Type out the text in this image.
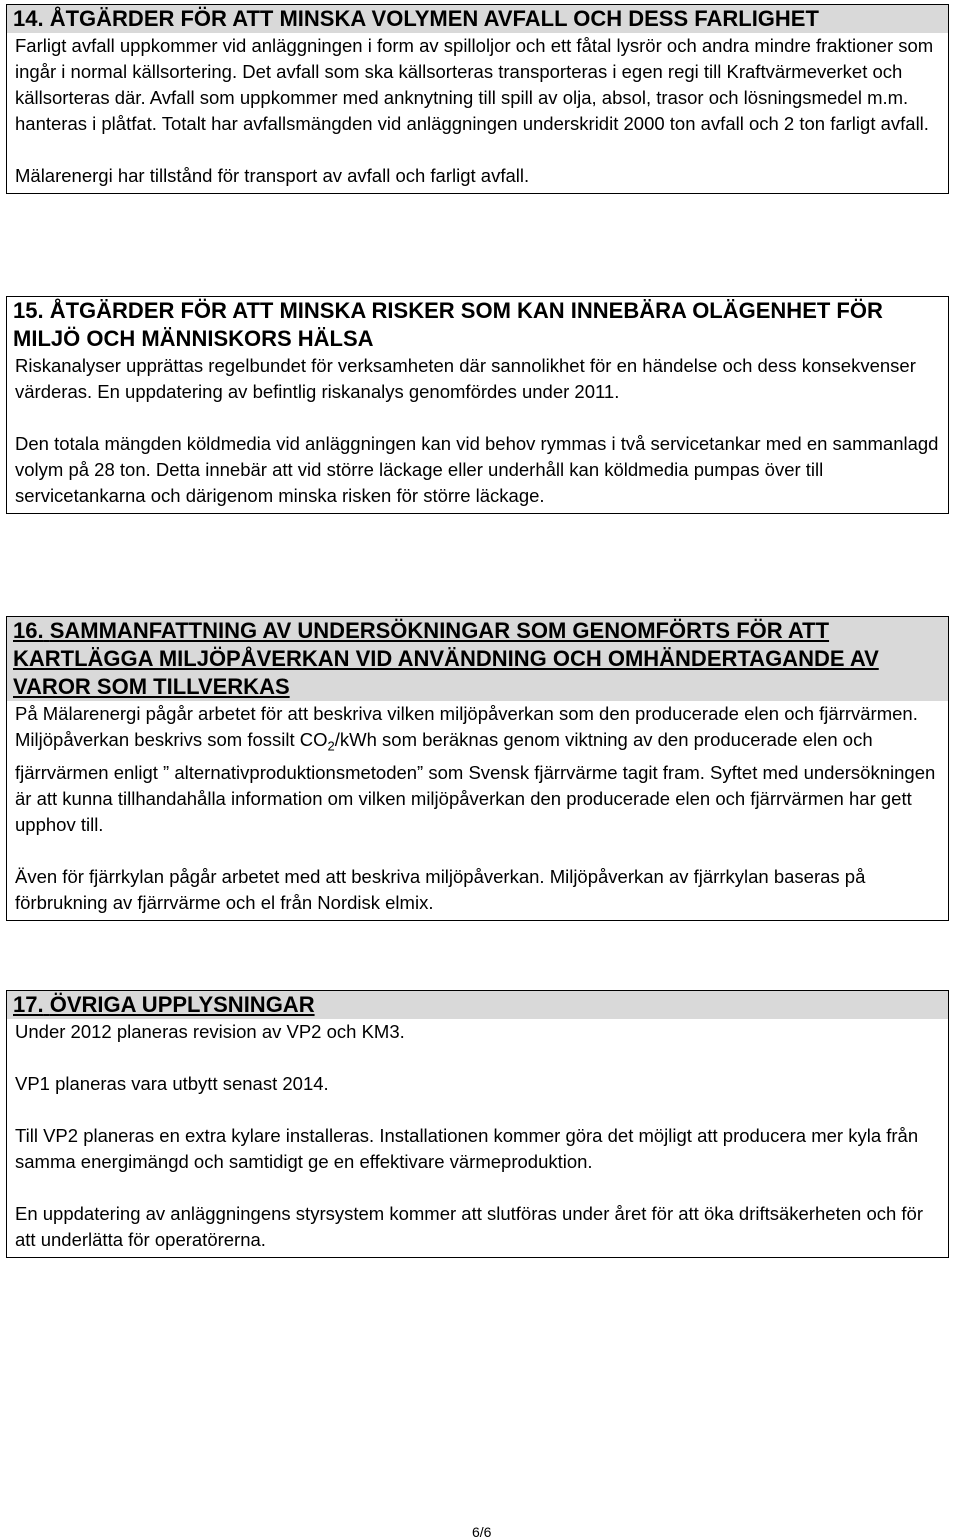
14. ÅTGÄRDER FÖR ATT MINSKA VOLYMEN AVFALL OCH DESS FARLIGHET

Farligt avfall uppkommer vid anläggningen i form av spilloljor och ett fåtal lysrör och andra mindre fraktioner som ingår i normal källsortering. Det avfall som ska källsorteras transporteras i egen regi till Kraftvärmeverket och källsorteras där. Avfall som uppkommer med anknytning till spill av olja, absol, trasor och lösningsmedel m.m. hanteras i plåtfat. Totalt har avfallsmängden vid anläggningen underskridit 2000 ton avfall och 2 ton farligt avfall.

Mälarenergi har tillstånd för transport av avfall och farligt avfall.

15. ÅTGÄRDER FÖR ATT MINSKA RISKER SOM KAN INNEBÄRA OLÄGENHET FÖR MILJÖ OCH MÄNNISKORS HÄLSA

Riskanalyser upprättas regelbundet för verksamheten där sannolikhet för en händelse och dess konsekvenser värderas. En uppdatering av befintlig riskanalys genomfördes under 2011.

Den totala mängden köldmedia vid anläggningen kan vid behov rymmas i två servicetankar med en sammanlagd volym på 28 ton. Detta innebär att vid större läckage eller underhåll kan köldmedia pumpas över till servicetankarna och därigenom minska risken för större läckage.

16. SAMMANFATTNING AV UNDERSÖKNINGAR SOM GENOMFÖRTS FÖR ATT KARTLÄGGA MILJÖPÅVERKAN VID ANVÄNDNING OCH OMHÄNDERTAGANDE AV VAROR SOM TILLVERKAS

På Mälarenergi pågår arbetet för att beskriva vilken miljöpåverkan som den producerade elen och fjärrvärmen. Miljöpåverkan beskrivs som fossilt $CO_2$/kWh som beräknas genom viktning av den producerade elen och fjärrvärmen enligt ” alternativproduktionsmetoden” som Svensk fjärrvärme tagit fram. Syftet med undersökningen är att kunna tillhandahålla information om vilken miljöpåverkan den producerade elen och fjärrvärmen har gett upphov till.

Även för fjärrkylan pågår arbetet med att beskriva miljöpåverkan. Miljöpåverkan av fjärrkylan baseras på förbrukning av fjärrvärme och el från Nordisk elmix.

17. ÖVRIGA UPPLYSNINGAR

Under 2012 planeras revision av VP2 och KM3.

VP1 planeras vara utbytt senast 2014.

Till VP2 planeras en extra kylare installeras. Installationen kommer göra det möjligt att producera mer kyla från samma energimängd och samtidigt ge en effektivare värmeproduktion.

En uppdatering av anläggningens styrsystem kommer att slutföras under året för att öka driftsäkerheten och för att underlätta för operatörerna.

6/6
